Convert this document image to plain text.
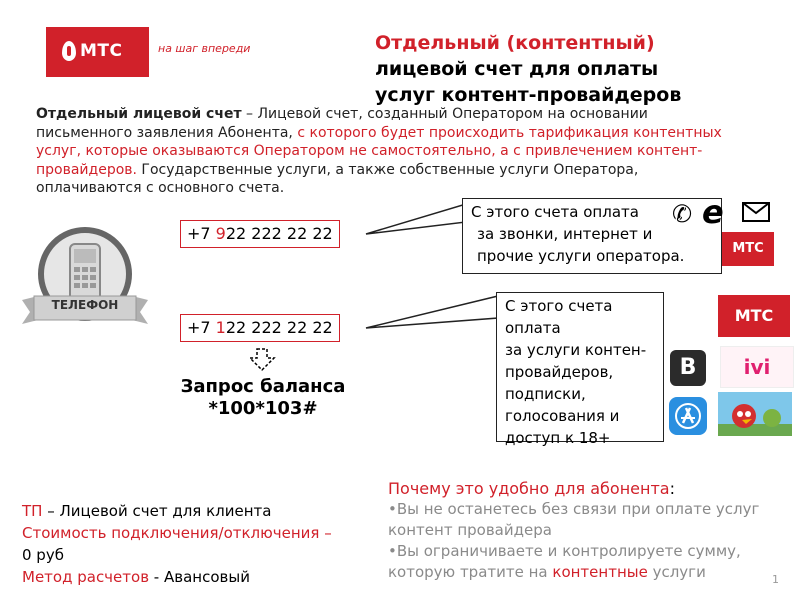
МТС	на шаг впереди	Отдельный (контентный)
лицевой счет для оплаты
услуг контент-провайдеров
Отдельный лицевой счет – Лицевой счет, созданный Оператором на основании письменного заявления Абонента, с которого будет происходить тарификация контентных услуг, которые оказываются Оператором не самостоятельно, а с привлечением контент-провайдеров. Государственные услуги, а также собственные услуги Оператора, оплачиваются с основного счета.
ТЕЛЕФОН
+7 922 222 22 22
+7 122 222 22 22
С этого счета оплата
за звонки, интернет и
прочие услуги оператора.
✆ e
МТС
С этого счета оплата
за услуги контен-
провайдеров,
подписки,
голосования и
доступ к 18+
МТС
В	ivi
Запрос баланса
*100*103#
ТП – Лицевой счет для клиента
Стоимость подключения/отключения –
0 руб
Метод расчетов - Авансовый
Почему это удобно для абонента:
•Вы не останетесь без связи при оплате услуг контент провайдера
•Вы ограничиваете и контролируете сумму, которую тратите на контентные услуги	1
